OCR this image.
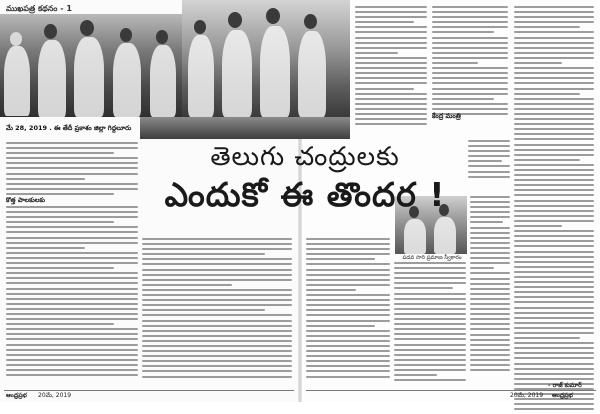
పదవ సారి ప్రమాణ స్వీకారం
ముఖపత్ర కథనం - 1
మే 28, 2019 . ఈ తేదీ ప్రకాశం జిల్లా గిద్దలూరు
కొత్త పాలకులకు
కేంద్ర మంత్రి
తెలుగు చంద్రులకు
ఎందుకో ఈ తొందర !
ఆంధ్రప్రభ 20మే, 2019	20మే, 2019 ఆంధ్రప్రభ
- రాజ్ కుమార్
